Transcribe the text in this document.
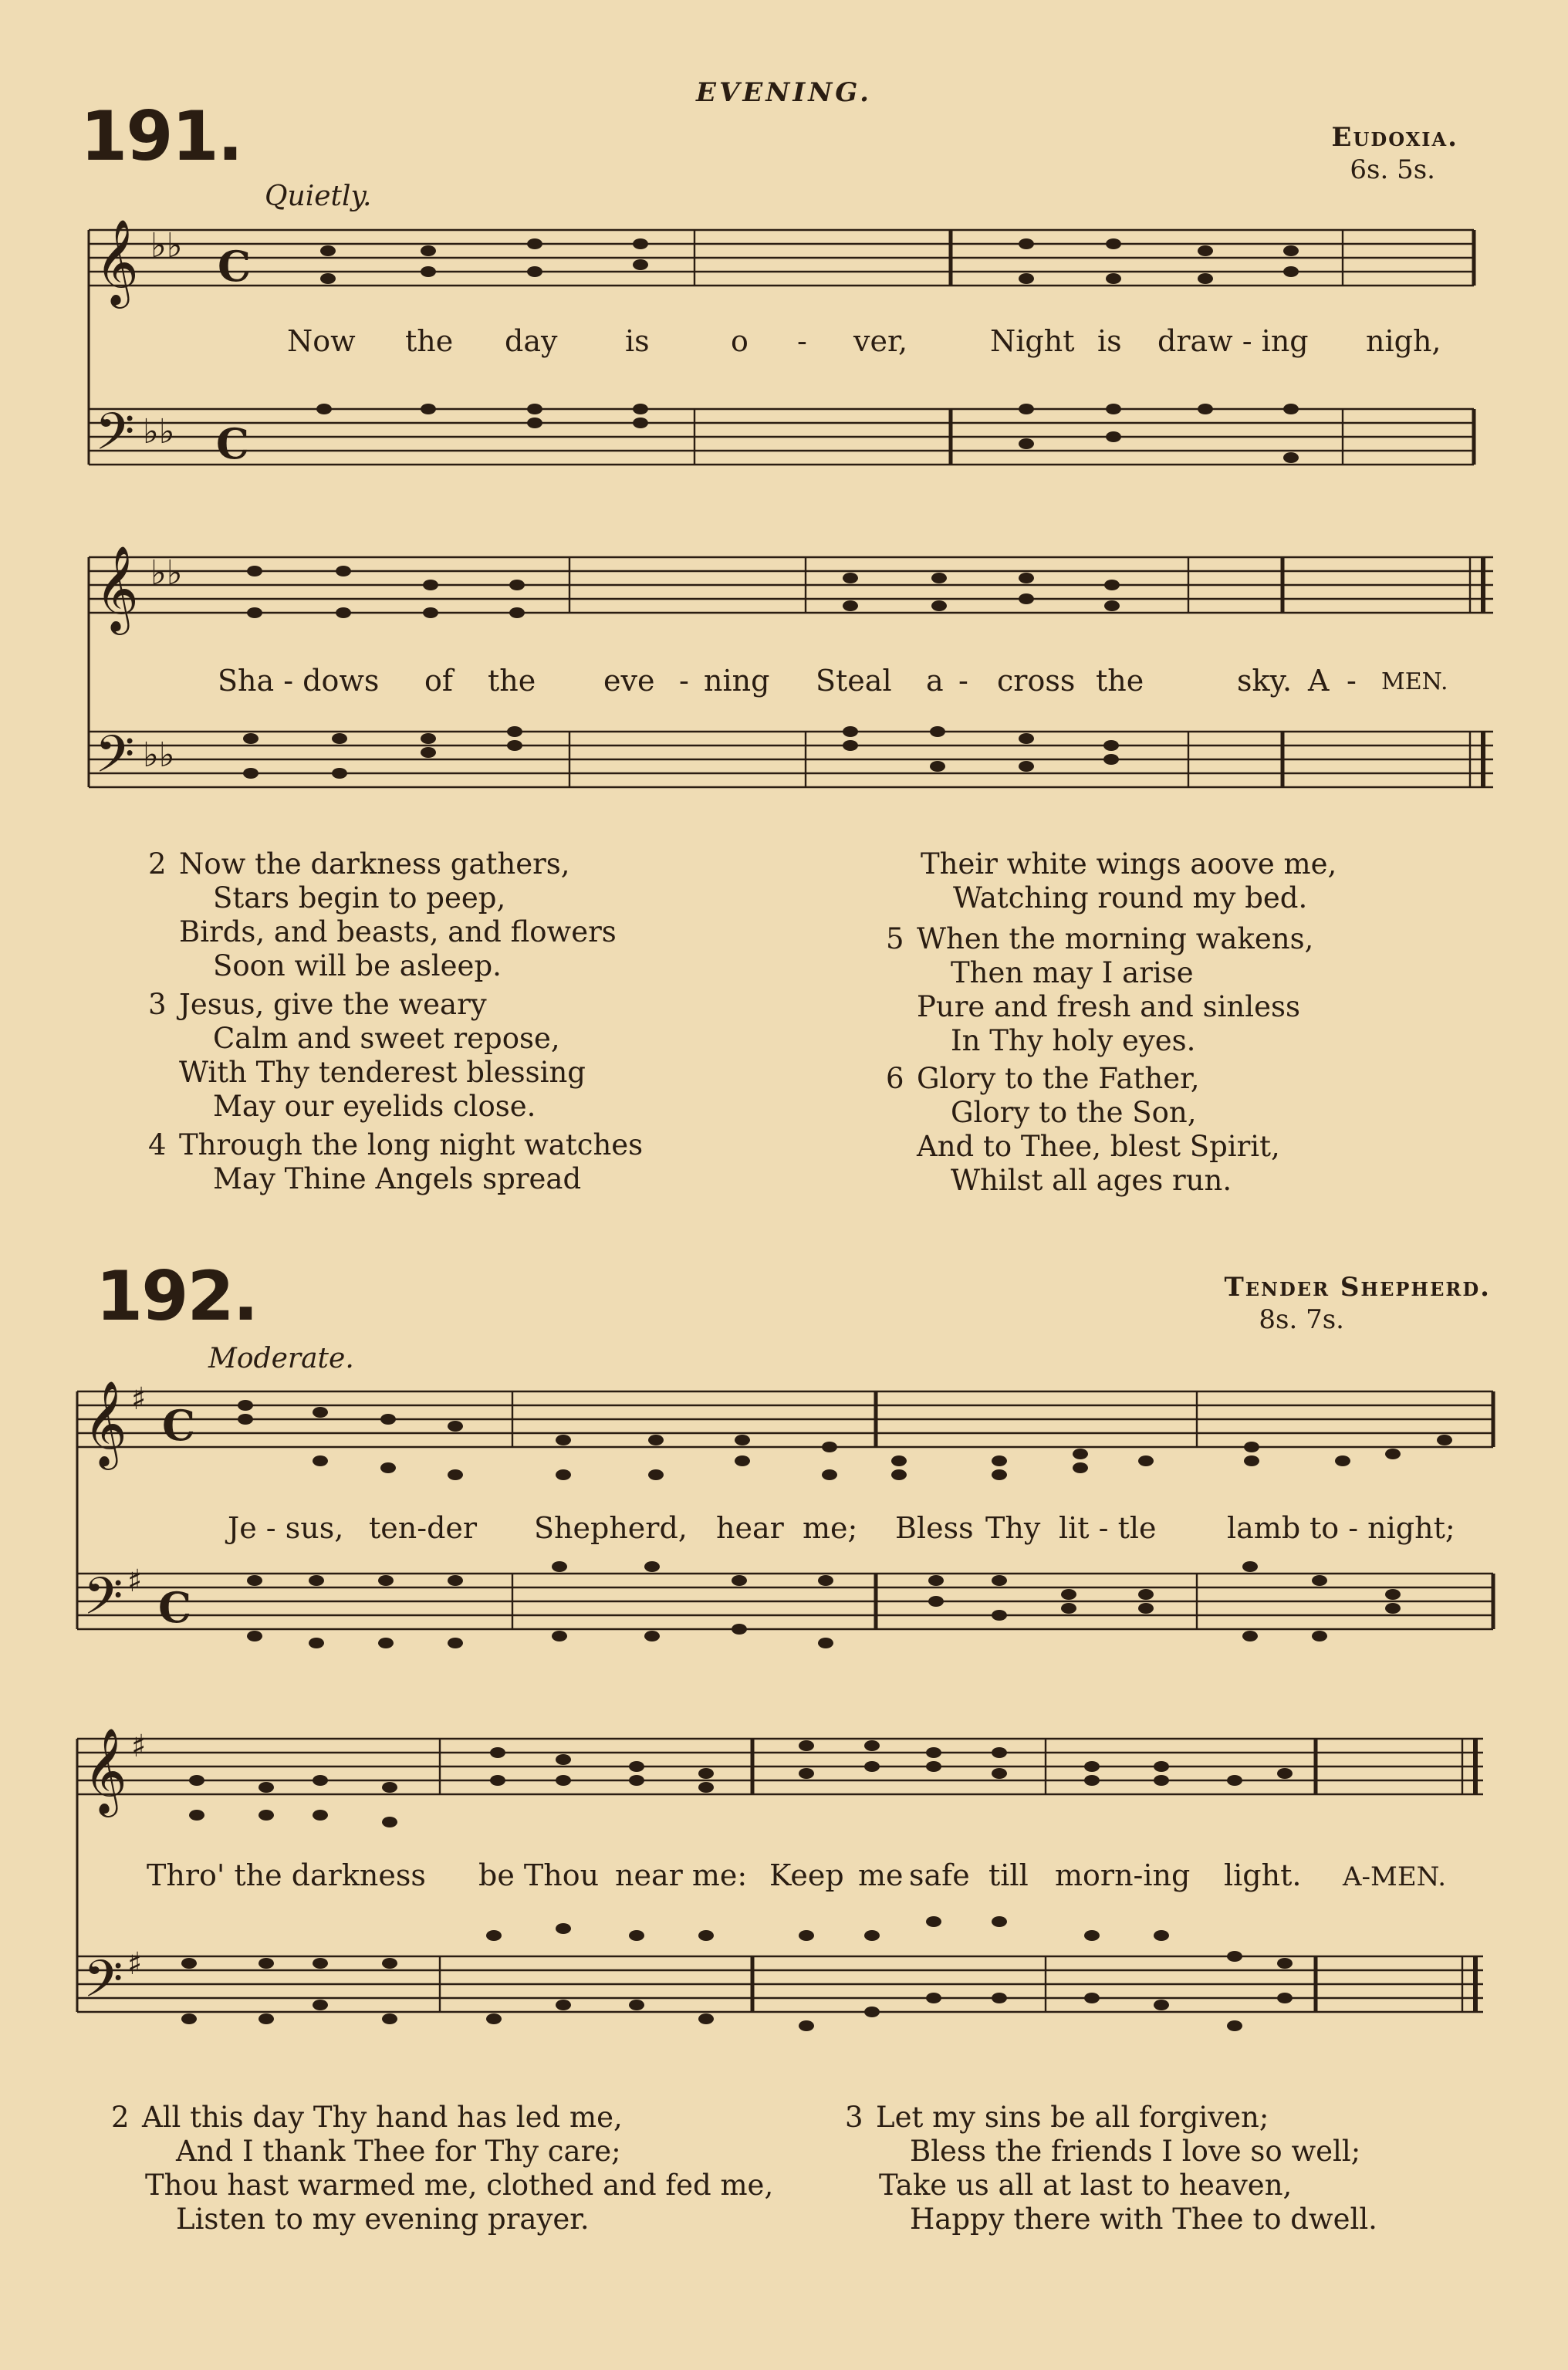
EVENING.
191.	Eudoxia.
6s. 5s.
Quietly.
𝄞
𝄢
𝄞
𝄢
C
C
♭♭
♭♭
♭♭
♭♭
𝄞
𝄢
𝄞
𝄢
C
C
♯
♯
♯
♯
Now the day is	o - ver,	Night is draw - ing nigh,
Sha - dows of the eve - ning Steal a - cross the	sky. A - MEN.
2 Now the darkness gathers,
Stars begin to peep,
Birds, and beasts, and flowers
Soon will be asleep.
3 Jesus, give the weary
Calm and sweet repose,
With Thy tenderest blessing
May our eyelids close.
4 Through the long night watches
May Thine Angels spread
Their white wings aoove me,
Watching round my bed.
5 When the morning wakens,
Then may I arise
Pure and fresh and sinless
In Thy holy eyes.
6 Glory to the Father,
Glory to the Son,
And to Thee, blest Spirit,
Whilst all ages run.
192.	Tender Shepherd.
8s. 7s.
Moderate.
Je - sus, ten-der Shepherd, hear me; Bless Thy lit - tle lamb to - night;
Thro' the darkness be Thou near me: Keep me safe till morn-ing light. A-MEN.
2 All this day Thy hand has led me,
And I thank Thee for Thy care;
Thou hast warmed me, clothed and fed me,
Listen to my evening prayer.
3 Let my sins be all forgiven;
Bless the friends I love so well;
Take us all at last to heaven,
Happy there with Thee to dwell.
